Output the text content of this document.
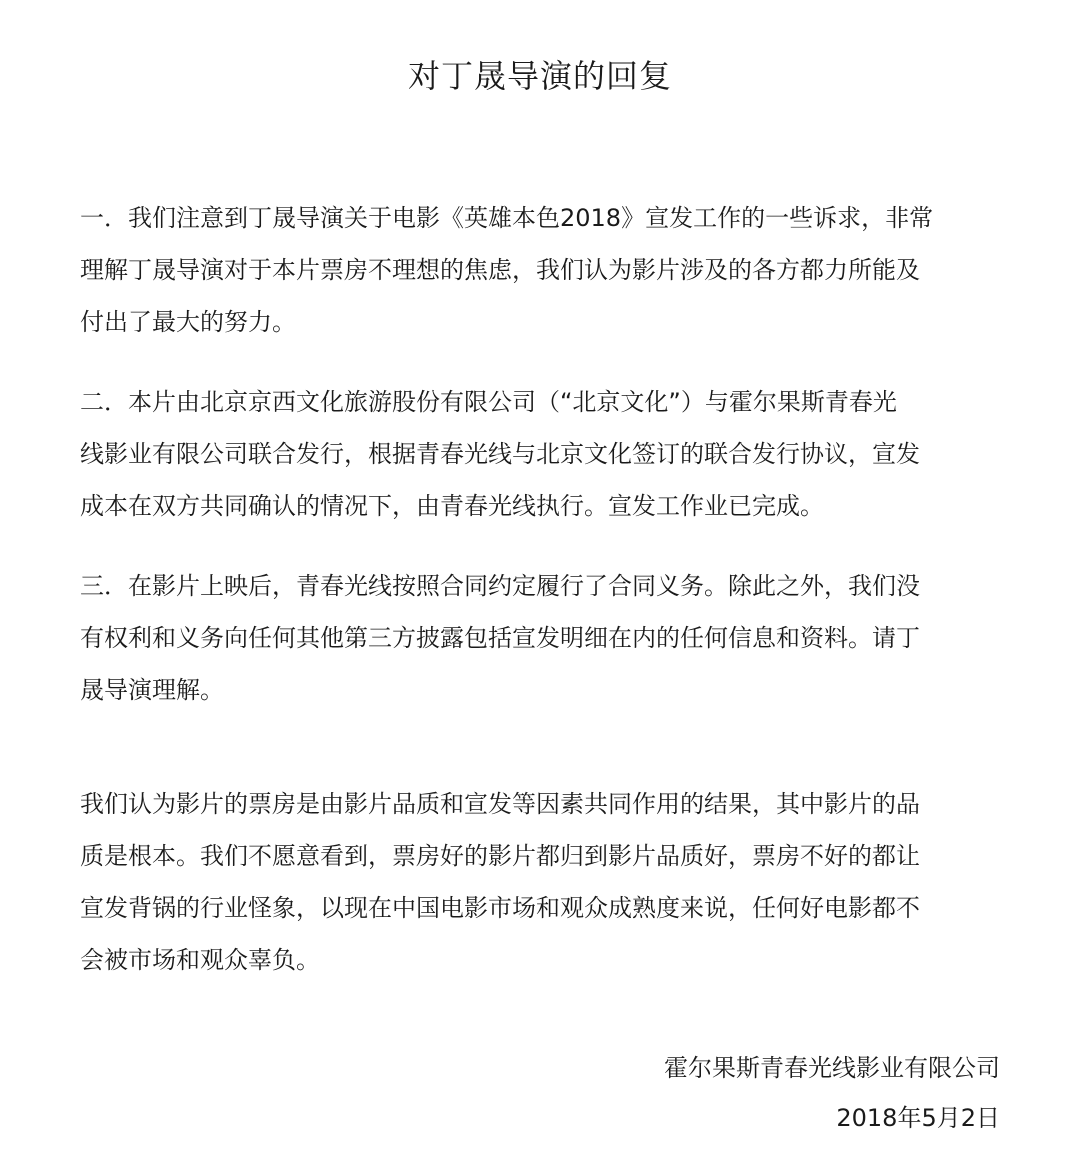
对丁晟导演的回复
一．我们注意到丁晟导演关于电影《英雄本色2018》宣发工作的一些诉求，非常
理解丁晟导演对于本片票房不理想的焦虑，我们认为影片涉及的各方都力所能及
付出了最大的努力。
二．本片由北京京西文化旅游股份有限公司（“北京文化”）与霍尔果斯青春光
线影业有限公司联合发行，根据青春光线与北京文化签订的联合发行协议，宣发
成本在双方共同确认的情况下，由青春光线执行。宣发工作业已完成。
三．在影片上映后，青春光线按照合同约定履行了合同义务。除此之外，我们没
有权利和义务向任何其他第三方披露包括宣发明细在内的任何信息和资料。请丁
晟导演理解。
我们认为影片的票房是由影片品质和宣发等因素共同作用的结果，其中影片的品
质是根本。我们不愿意看到，票房好的影片都归到影片品质好，票房不好的都让
宣发背锅的行业怪象，以现在中国电影市场和观众成熟度来说，任何好电影都不
会被市场和观众辜负。
霍尔果斯青春光线影业有限公司
2018年5月2日
